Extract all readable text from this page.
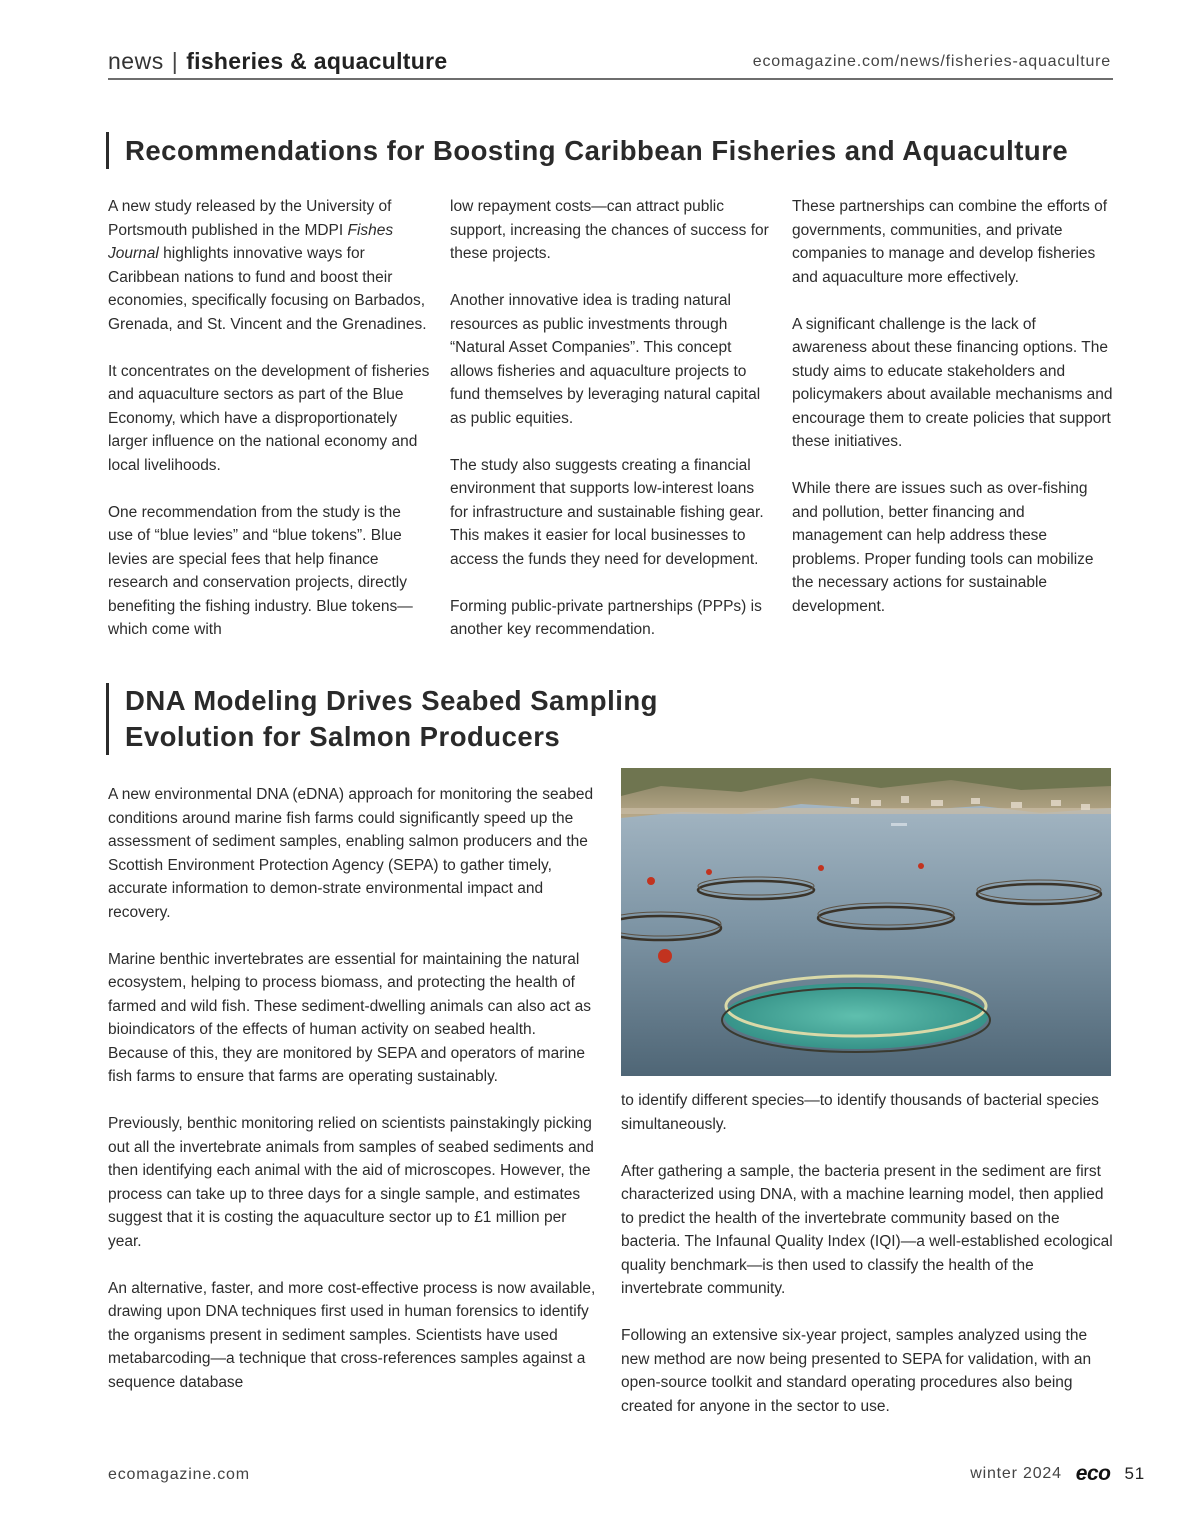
news | fisheries & aquaculture	ecomagazine.com/news/fisheries-aquaculture
Recommendations for Boosting Caribbean Fisheries and Aquaculture

A new study released by the University of Portsmouth published in the MDPI Fishes Journal highlights innovative ways for Caribbean nations to fund and boost their economies, specifically focusing on Barbados, Grenada, and St. Vincent and the Grenadines.

It concentrates on the development of fisheries and aquaculture sectors as part of the Blue Economy, which have a disproportionately larger influence on the national economy and local livelihoods.

One recommendation from the study is the use of “blue levies” and “blue tokens”. Blue levies are special fees that help finance research and conservation projects, directly benefiting the fishing industry. Blue tokens—which come with

low repayment costs—can attract public support, increasing the chances of success for these projects.

Another innovative idea is trading natural resources as public investments through “Natural Asset Companies”. This concept allows fisheries and aquaculture projects to fund themselves by leveraging natural capital as public equities.

The study also suggests creating a financial environment that supports low-interest loans for infrastructure and sustainable fishing gear. This makes it easier for local businesses to access the funds they need for development.

Forming public-private partnerships (PPPs) is another key recommendation.

These partnerships can combine the efforts of governments, communities, and private companies to manage and develop fisheries and aquaculture more effectively.

A significant challenge is the lack of awareness about these financing options. The study aims to educate stakeholders and policymakers about available mechanisms and encourage them to create policies that support these initiatives.

While there are issues such as over-fishing and pollution, better financing and management can help address these problems. Proper funding tools can mobilize the necessary actions for sustainable development.

DNA Modeling Drives Seabed Sampling
Evolution for Salmon Producers

A new environmental DNA (eDNA) approach for monitoring the seabed conditions around marine fish farms could significantly speed up the assessment of sediment samples, enabling salmon producers and the Scottish Environment Protection Agency (SEPA) to gather timely, accurate information to demon-strate environmental impact and recovery.

Marine benthic invertebrates are essential for maintaining the natural ecosystem, helping to process biomass, and protecting the health of farmed and wild fish. These sediment-dwelling animals can also act as bioindicators of the effects of human activity on seabed health. Because of this, they are monitored by SEPA and operators of marine fish farms to ensure that farms are operating sustainably.

Previously, benthic monitoring relied on scientists painstakingly picking out all the invertebrate animals from samples of seabed sediments and then identifying each animal with the aid of microscopes. However, the process can take up to three days for a single sample, and estimates suggest that it is costing the aquaculture sector up to £1 million per year.

An alternative, faster, and more cost-effective process is now available, drawing upon DNA techniques first used in human forensics to identify the organisms present in sediment samples. Scientists have used metabarcoding—a technique that cross-references samples against a sequence database

to identify different species—to identify thousands of bacterial species simultaneously.

After gathering a sample, the bacteria present in the sediment are first characterized using DNA, with a machine learning model, then applied to predict the health of the invertebrate community based on the bacteria. The Infaunal Quality Index (IQI)—a well-established ecological quality benchmark—is then used to classify the health of the invertebrate community.

Following an extensive six-year project, samples analyzed using the new method are now being presented to SEPA for validation, with an open-source toolkit and standard operating procedures also being created for anyone in the sector to use.

ecomagazine.com	winter 2024 eco 51
